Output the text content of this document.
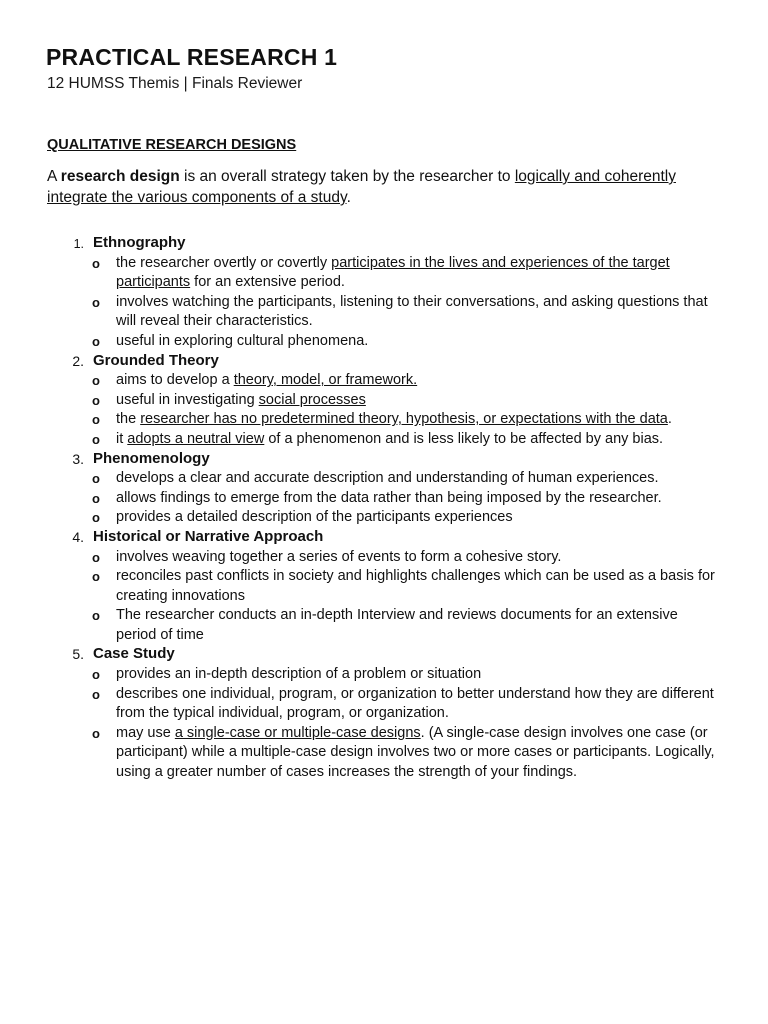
PRACTICAL RESEARCH 1
12 HUMSS Themis | Finals Reviewer
QUALITATIVE RESEARCH DESIGNS

A research design is an overall strategy taken by the researcher to logically and coherently integrate the various components of a study.

1. Ethnography
o the researcher overtly or covertly participates in the lives and experiences of the target participants for an extensive period.
o involves watching the participants, listening to their conversations, and asking questions that will reveal their characteristics.
o useful in exploring cultural phenomena.
2. Grounded Theory
o aims to develop a theory, model, or framework.
o useful in investigating social processes
o the researcher has no predetermined theory, hypothesis, or expectations with the data.
o it adopts a neutral view of a phenomenon and is less likely to be affected by any bias.
3. Phenomenology
o develops a clear and accurate description and understanding of human experiences.
o allows findings to emerge from the data rather than being imposed by the researcher.
o provides a detailed description of the participants experiences
4. Historical or Narrative Approach
o involves weaving together a series of events to form a cohesive story.
o reconciles past conflicts in society and highlights challenges which can be used as a basis for creating innovations
o The researcher conducts an in-depth Interview and reviews documents for an extensive period of time
5. Case Study
o provides an in-depth description of a problem or situation
o describes one individual, program, or organization to better understand how they are different from the typical individual, program, or organization.
o may use a single-case or multiple-case designs. (A single-case design involves one case (or participant) while a multiple-case design involves two or more cases or participants. Logically, using a greater number of cases increases the strength of your findings.
